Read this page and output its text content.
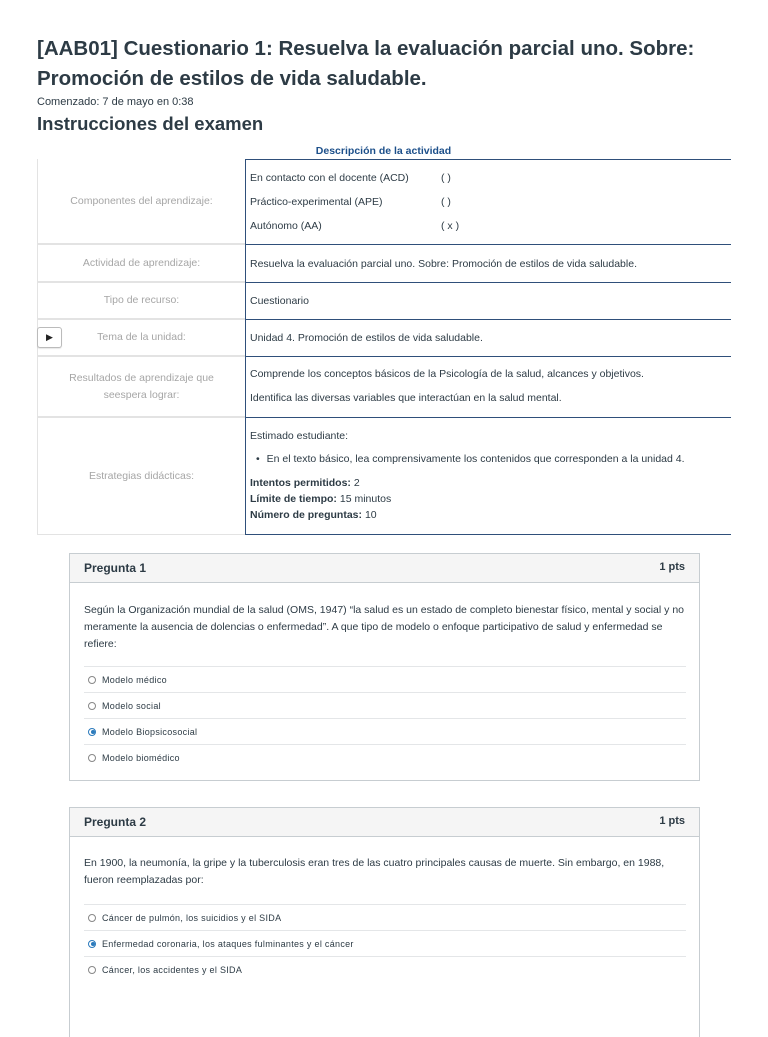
[AAB01] Cuestionario 1: Resuelva la evaluación parcial uno. Sobre: Promoción de estilos de vida saludable.
Comenzado: 7 de mayo en 0:38
Instrucciones del examen
Descripción de la actividad
Componentes del aprendizaje:
En contacto con el docente (ACD)	( )
Práctico-experimental (APE)	( )
Autónomo (AA)	( x )
Actividad de aprendizaje:	Resuelva la evaluación parcial uno. Sobre: Promoción de estilos de vida saludable.
Tipo de recurso:	Cuestionario
Tema de la unidad:
▶	Unidad 4. Promoción de estilos de vida saludable.
Resultados de aprendizaje que seespera lograr:
Comprende los conceptos básicos de la Psicología de la salud, alcances y objetivos.
Identifica las diversas variables que interactúan en la salud mental.
Estrategias didácticas:
Estimado estudiante:
• En el texto básico, lea comprensivamente los contenidos que corresponden a la unidad 4.
Intentos permitidos: 2
Límite de tiempo: 15 minutos
Número de preguntas: 10
Pregunta 1	1 pts
Según la Organización mundial de la salud (OMS, 1947) “la salud es un estado de completo bienestar físico, mental y social y no meramente la ausencia de dolencias o enfermedad”. A que tipo de modelo o enfoque participativo de salud y enfermedad se refiere:
Modelo médico
Modelo social
Modelo Biopsicosocial
Modelo biomédico
Pregunta 2	1 pts
En 1900, la neumonía, la gripe y la tuberculosis eran tres de las cuatro principales causas de muerte. Sin embargo, en 1988, fueron reemplazadas por:
Cáncer de pulmón, los suicidios y el SIDA
Enfermedad coronaria, los ataques fulminantes y el cáncer
Cáncer, los accidentes y el SIDA
